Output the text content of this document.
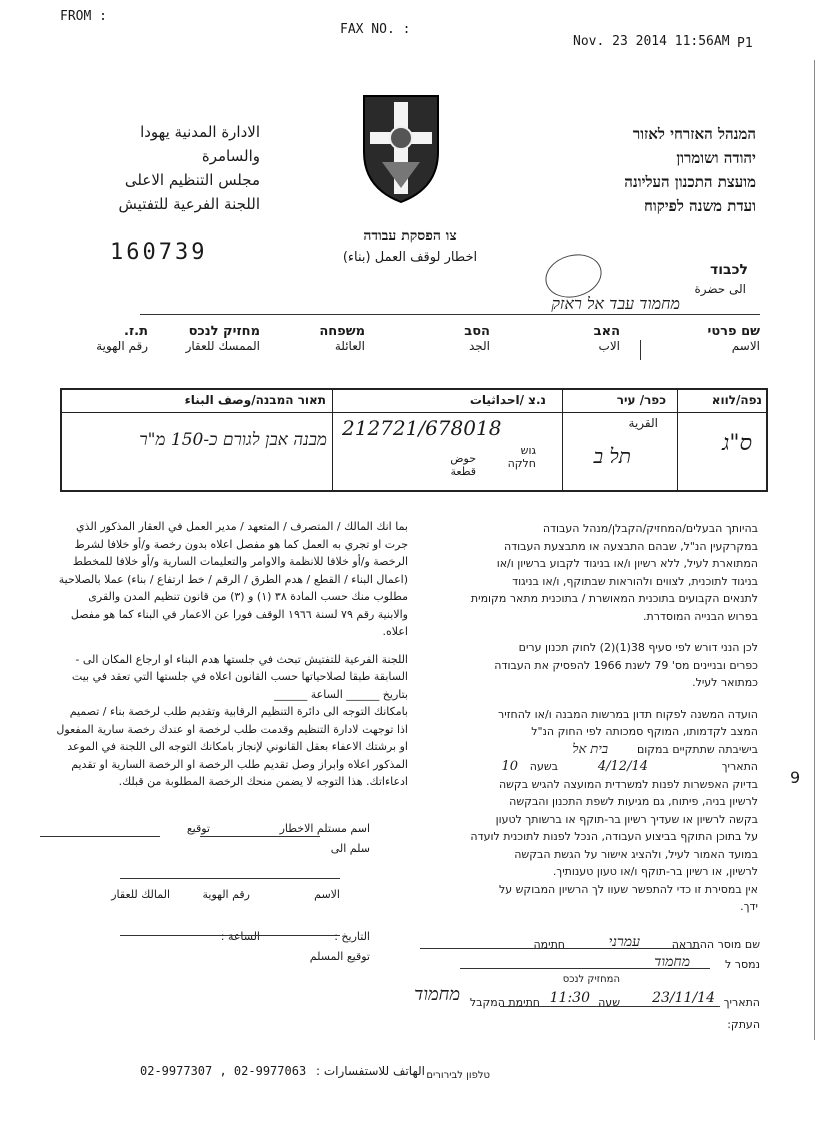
FROM :
FAX NO. :
Nov. 23 2014 11:56AM P1
המנהל האזרחי לאזור
יהודה ושומרון
מועצת התכנון העליונה
ועדת משנה לפיקוח
الادارة المدنية يهودا
والسامرة
مجلس التنظيم الاعلى
اللجنة الفرعية للتفتيش
צו הפסקת עבודה
اخطار لوقف العمل (بناء)
160739
לכבוד
الى حضرة
מחמוד עבד אל ראזק
שם פרטי
الاسم
האב
الاب
הסב
الجد
משפחה
العائلة
מחזיק לנכס
الممسك للعقار
ת.ז.
رقم الهوية
נפה/לווא
כפר/ עיר
القرية
נ.צ /احداثيات
תאור המבנה/وصف البناء
ס"ג
תל ב
212721/678018
גוש
חלקה
حوض
قطعة
מבנה אבן לגורם כ-150 מ"ר
بما انك المالك / المتصرف / المتعهد / مدير العمل في العقار المذكور الذي
جرت او تجري به العمل كما هو مفصل اعلاه بدون رخصة و/أو خلافا لشرط
الرخصة و/أو خلافا للانظمة والاوامر والتعليمات السارية و/أو خلافا للمخطط
(اعمال البناء / القطع / هدم الطرق / الرقم / خط ارتفاع / بناء) عملا بالصلاحية
مطلوب منك حسب المادة ٣٨ (١) و (٣) من قانون تنظيم المدن والقرى
والابنية رقم ٧٩ لسنة ١٩٦٦ الوقف فورا عن الاعمار في البناء كما هو مفصل
اعلاه.
اللجنة الفرعية للتفتيش تبحث في جلستها هدم البناء او ارجاع المكان الى -
السابقة طبقا لصلاحياتها حسب القانون اعلاه في جلستها التي تعقد في بيت
بتاريخ ______ الساعة ______
بامكانك التوجه الى دائرة التنظيم الرقابية وتقديم طلب لرخصة بناء / تصميم
اذا توجهت لادارة التنظيم وقدمت طلب لرخصة او عندك رخصة سارية المفعول
او برشتك الاعفاء بعقل القانوني لإنجاز بامكانك التوجه الى اللجنة في الموعد
المذكور اعلاه وابراز وصل تقديم طلب الرخصة او الرخصة السارية او تقديم
ادعاءاتك. هذا التوجه لا يضمن منحك الرخصة المطلوبة من قبلك.
اسم مستلم الاخطار
توقيع
سلم الى
الاسم
رقم الهوية
المالك للعقار
التاريخ :
الساعة :
توقيع المسلم
בהיותך הבעלים/המחזיק/הקבלן/מנהל העבודה
במקרקעין הנ"ל, שבהם התבצעה או מתבצעת העבודה
המתוארת לעיל, ללא רשיון ו/או בניגוד לקבוע ברשיון ו/או
בניגוד לתוכנית, לצווים ולהוראות שבתוקף, ו/או בניגוד
לתנאים הקבועים בתוכנית המאושרת / בתוכנית מתאר מקומית
בפרוש הבנייה המוסדרת.
לכן הנני דורש לפי סעיף 38(1)(2) לחוק תכנון ערים
כפרים ובניינים מס' 79 לשנת 1966 להפסיק את העבודה
כמתואר לעיל.
הועדה המשנה לפקוח תדון במרשות המבנה ו/או להחזיר
המצב לקדמותו, המוקף סמכותה לפי החוק הנ"ל
בישיבתה שתתקיים במקום
בית אל
התאריך
4/12/14
בשעה
10
בדיוק האפשרות לפנות למשרדית המועצה להגיש בקשה
לרשיון בניה, פיתוח, גם מגיעות לשפת התכנון והבקשה
בקשה לרשיון או שעדיך רשיון בר-תוקף או ברשותך לטעון
על בתוכן התוקף בביצוע העבודה, הנכל לפנות לתוכנית לועדה
במועד האמור לעיל, ולהציג אישור על הגשת הבקשה
לרשיון, או רשיון בר-תוקף ו/או טעון טענותיך.
אין במסירת זו כדי להתפשר שעוו לך הרשיון המבוקש על
ידך.
9
שם מוסר ההתראה
עמרני
חתימה
נמסר ל
מחמוד
המחזיק לנכס
התאריך
23/11/14
שעה
11:30
חתימת המקבל
מחמוד
העתק:
02-9977307 , 02-9977063 : الهاتف للاستفسارات טלפון לבירורים
